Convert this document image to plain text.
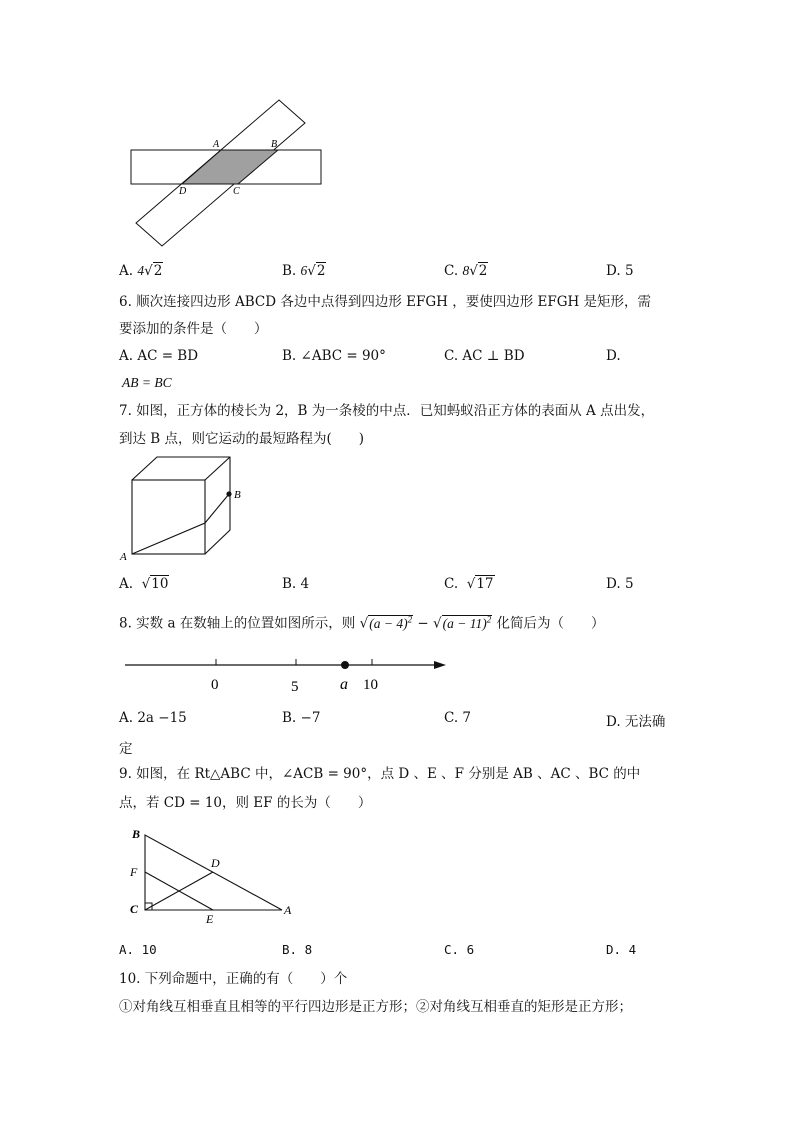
A	B
D	C
A. 4√2	B. 6√2	C. 8√2	D. 5
6. 顺次连接四边形 ABCD 各边中点得到四边形 EFGH ，要使四边形 EFGH 是矩形，需
要添加的条件是（　　）
A. AC = BD	B. ∠ABC = 90°	C. AC ⊥ BD	D.
AB = BC
7. 如图，正方体的棱长为 2，B 为一条棱的中点．已知蚂蚁沿正方体的表面从 A 点出发，
到达 B 点，则它运动的最短路程为(　　)
B
A
A. √10	B. 4	C. √17	D. 5
8. 实数 a 在数轴上的位置如图所示，则 $√(a - 4)^2 - √(a - 11)^2$ 化简后为（　　）
0	5	a 10
A. 2a −15	B. −7	C. 7	D. 无法确
定
9. 如图，在 Rt△ABC 中，∠ACB = 90°，点 D 、E 、F 分别是 AB 、AC 、BC 的中
点，若 CD = 10，则 EF 的长为（　　）
B
D
F
C
E
A
A. 10	B. 8	C. 6	D. 4
10. 下列命题中，正确的有（　　）个
①对角线互相垂直且相等的平行四边形是正方形；②对角线互相垂直的矩形是正方形；
